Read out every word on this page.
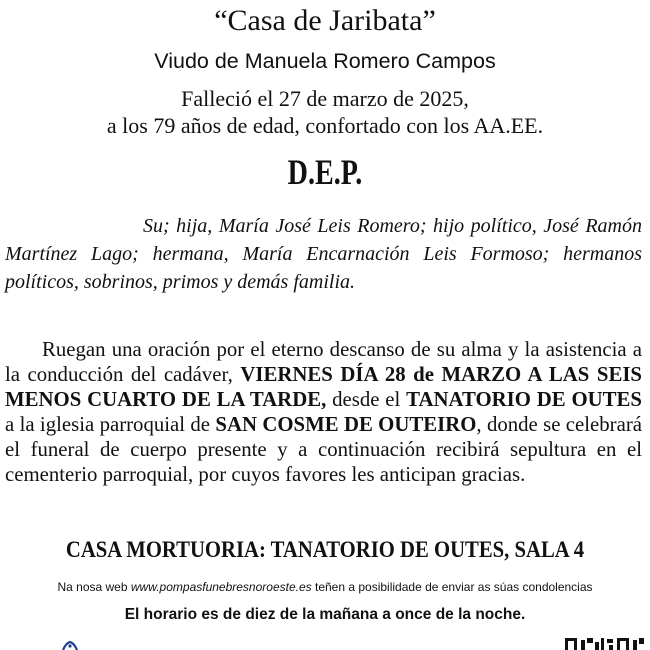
“Casa de Jaribata”
Viudo de Manuela Romero Campos
Falleció el 27 de marzo de 2025,
a los 79 años de edad, confortado con los AA.EE.
D.E.P.
Su; hija, María José Leis Romero; hijo político, José Ramón Martínez Lago; hermana, María Encarnación Leis Formoso; hermanos políticos, sobrinos, primos y demás familia.
Ruegan una oración por el eterno descanso de su alma y la asistencia a la conducción del cadáver, VIERNES DÍA 28 de MARZO A LAS SEIS MENOS CUARTO DE LA TARDE, desde el TANATORIO DE OUTES a la iglesia parroquial de SAN COSME DE OUTEIRO, donde se celebrará el funeral de cuerpo presente y a continuación recibirá sepultura en el cementerio parroquial, por cuyos favores les anticipan gracias.
CASA MORTUORIA: TANATORIO DE OUTES, SALA 4
Na nosa web www.pompasfunebresnoroeste.es teñen a posibilidade de enviar as súas condolencias
El horario es de diez de la mañana a once de la noche.
